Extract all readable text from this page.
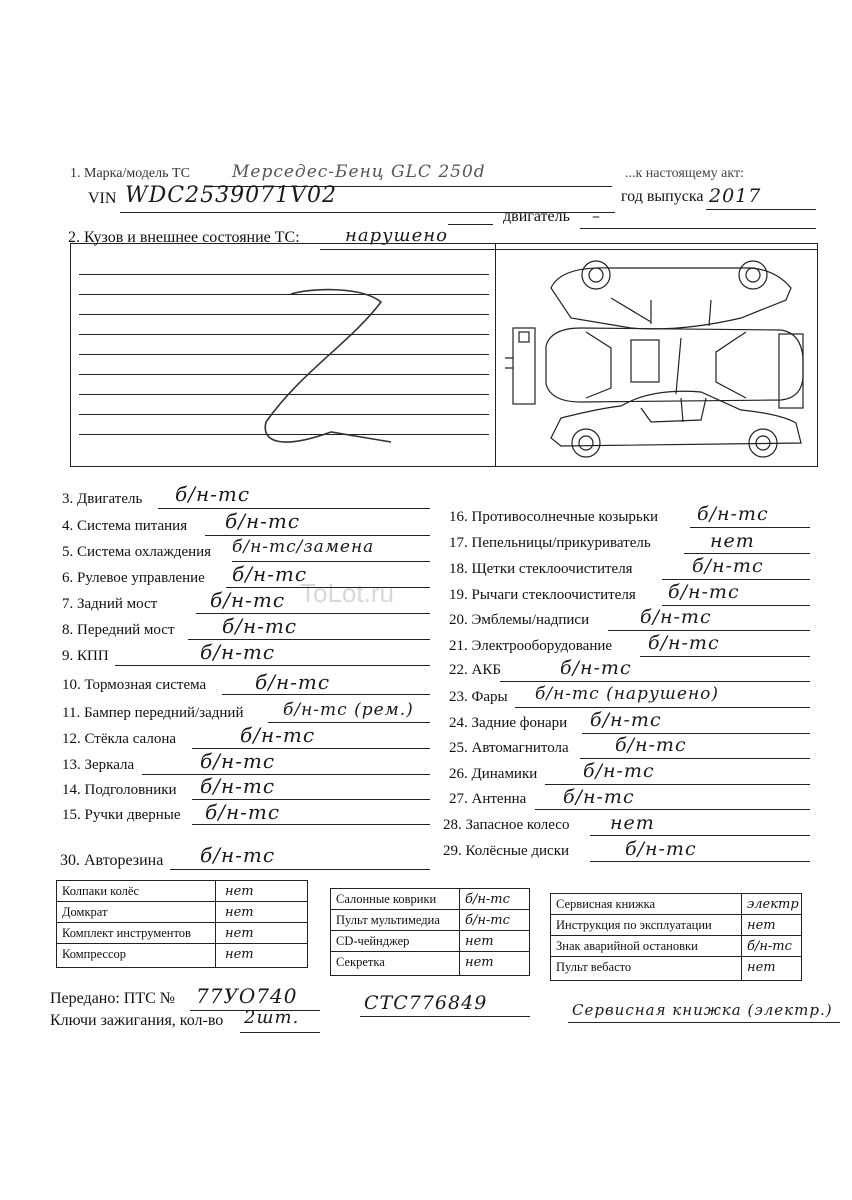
1. Марка/модель ТС Мерседес-Бенц GLC 250d	...к настоящему акт:
VIN WDC2539071V02	год выпуска 2017
двигатель –
2. Кузов и внешнее состояние ТС:	нарушено
ToLot.ru
3. Двигатель б/н-тс
4. Система питания б/н-тс
5. Система охлаждения б/н-тс/замена
6. Рулевое управление б/н-тс
7. Задний мост	б/н-тс
8. Передний мост б/н-тс
9. КПП	б/н-тс
10. Тормозная система б/н-тс
11. Бампер передний/задний б/н-тс (рем.)
12. Стёкла салона	б/н-тс
13. Зеркала	б/н-тс
14. Подголовники б/н-тс
15. Ручки дверные б/н-тс
16. Противосолнечные козырьки б/н-тс
17. Пепельницы/прикуриватель	нет
18. Щетки стеклоочистителя	б/н-тс
19. Рычаги стеклоочистителя б/н-тс
20. Эмблемы/надписи	б/н-тс
21. Электрооборудование б/н-тс
22. АКБ	б/н-тс
23. Фары б/н-тс (нарушено)
24. Задние фонари б/н-тс
25. Автомагнитола б/н-тс
26. Динамики б/н-тс
27. Антенна б/н-тс
28. Запасное колесо нет
29. Колёсные диски	б/н-тс
30. Авторезина б/н-тс
Колпаки колёс	нет
Домкрат	нет
Комплект инструментов	нет
Компрессор	нет
Салонные коврики б/н-тс
Пульт мультимедиа б/н-тс
CD-чейнджер	нет
Секретка	нет
Сервисная книжка	электр
Инструкция по эксплуатации	нет
Знак аварийной остановки	б/н-тс
Пульт вебасто	нет
Передано: ПТС № 77УО740	СТС776849	Сервисная книжка (электр.)
Ключи зажигания, кол-во 2шт.
